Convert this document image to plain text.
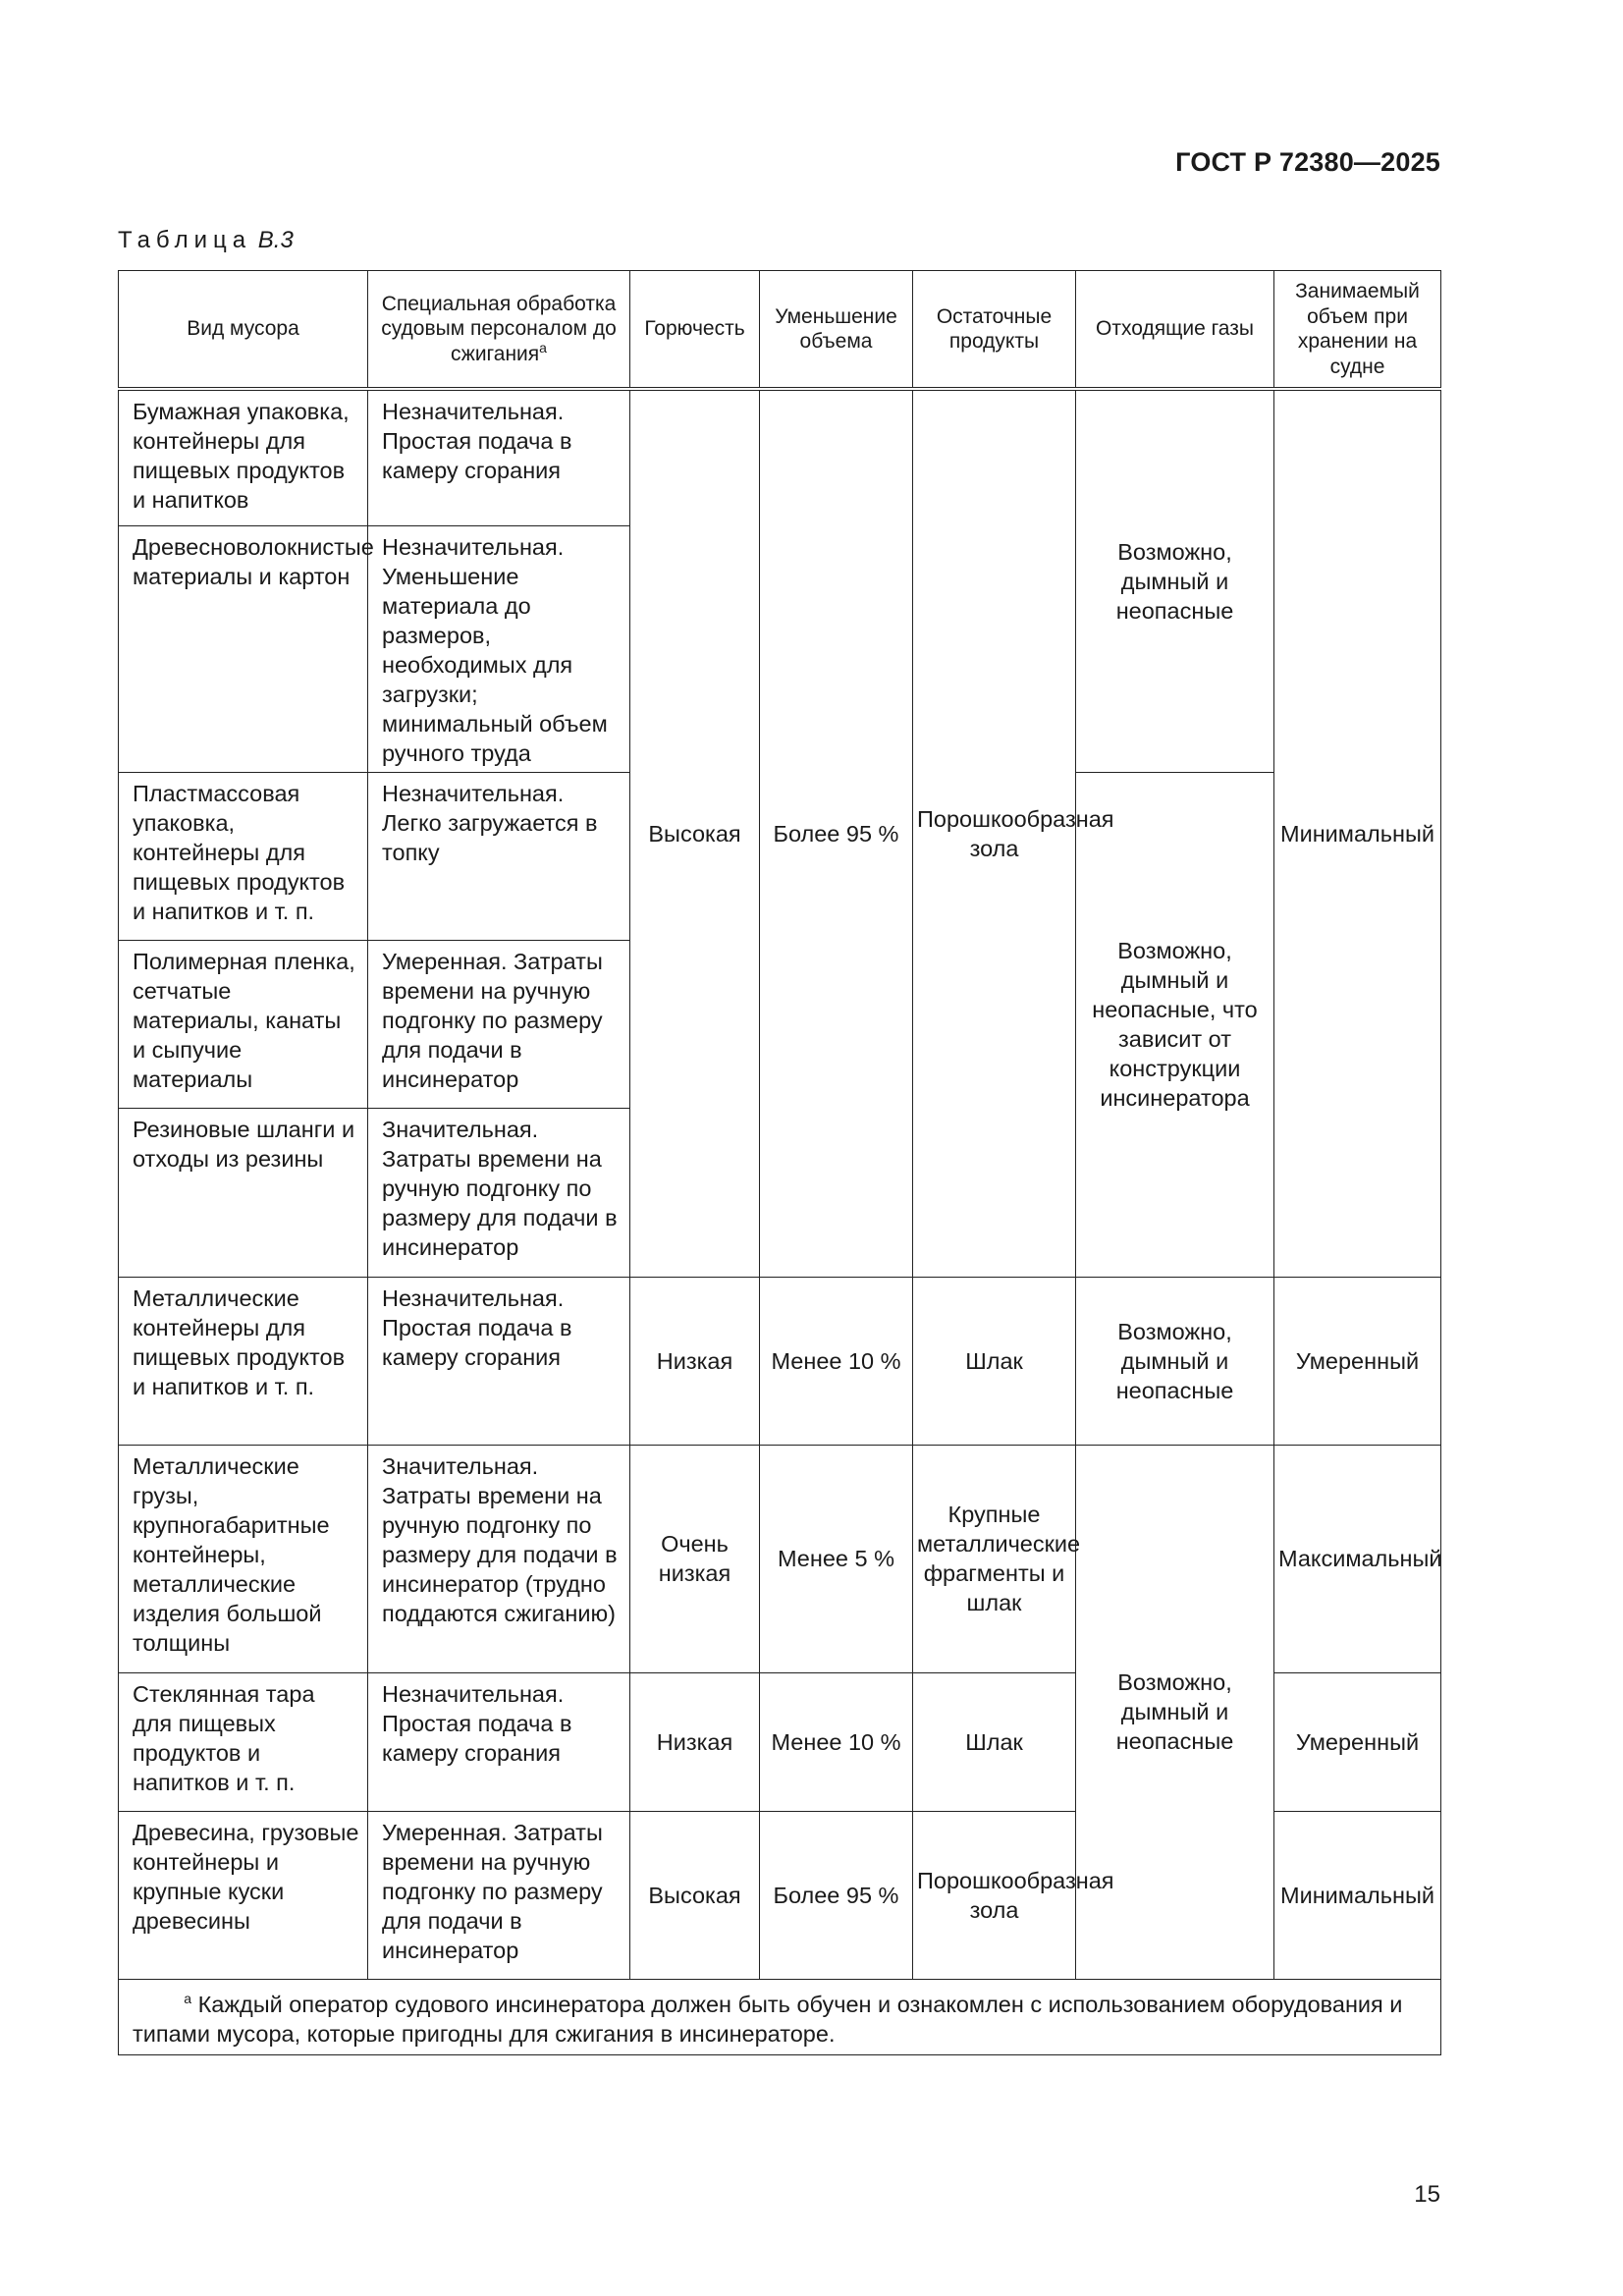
ГОСТ Р 72380—2025
Таблица В.3
Вид мусора	Специальная обработка судовым персоналом до сжигания$^а$	Горючесть	Уменьшение объема	Остаточные продукты	Отходящие газы	Занимаемый объем при хранении на судне
Бумажная упаковка, контейнеры для пищевых продуктов и напитков	Незначительная. Простая подача в камеру сгорания	Высокая	Более 95 %	Порошкообразная зола	Возможно, дымный и неопасные	Минимальный
Древесноволокнистые материалы и картон	Незначительная. Уменьшение материала до размеров, необходимых для загрузки; минимальный объем ручного труда					
Пластмассовая упаковка, контейнеры для пищевых продуктов и напитков и т. п.	Незначительная. Легко загружается в топку				Возможно, дымный и неопасные, что зависит от конструкции инсинератора	
Полимерная пленка, сетчатые материалы, канаты и сыпучие материалы	Умеренная. Затраты времени на ручную подгонку по размеру для подачи в инсинератор					
Резиновые шланги и отходы из резины	Значительная. Затраты времени на ручную подгонку по размеру для подачи в инсинератор					
Металлические контейнеры для пищевых продуктов и напитков и т. п.	Незначительная. Простая подача в камеру сгорания	Низкая	Менее 10 %	Шлак	Возможно, дымный и неопасные	Умеренный
Металлические грузы, крупногабаритные контейнеры, металлические изделия большой толщины	Значительная. Затраты времени на ручную подгонку по размеру для подачи в инсинератор (трудно поддаются сжиганию)	Очень низкая	Менее 5 %	Крупные металлические фрагменты и шлак	Возможно, дымный и неопасные	Максимальный
Стеклянная тара для пищевых продуктов и напитков и т. п.	Незначительная. Простая подача в камеру сгорания	Низкая	Менее 10 %	Шлак		Умеренный
Древесина, грузовые контейнеры и крупные куски древесины	Умеренная. Затраты времени на ручную подгонку по размеру для подачи в инсинератор	Высокая	Более 95 %	Порошкообразная зола		Минимальный
$^а$ Каждый оператор судового инсинератора должен быть обучен и ознакомлен с использованием оборудования и типами мусора, которые пригодны для сжигания в инсинераторе.						
15
